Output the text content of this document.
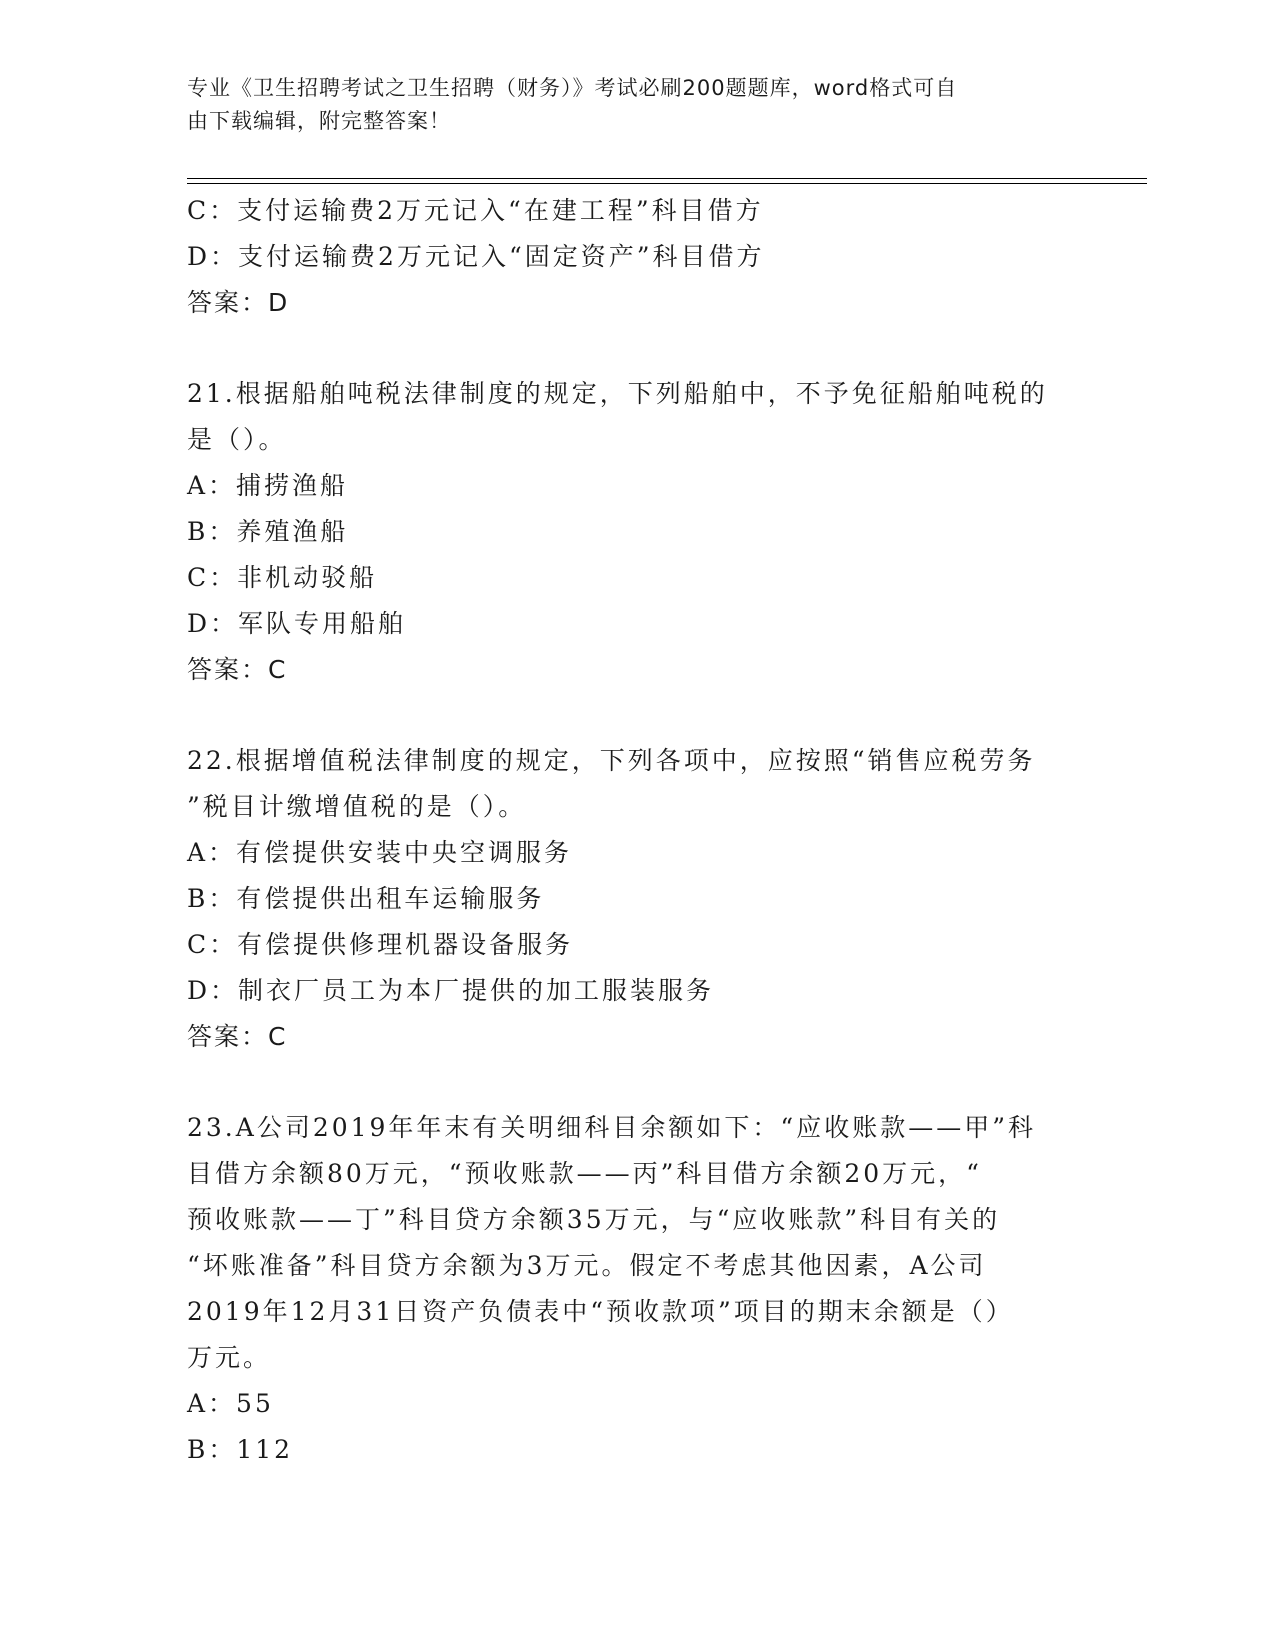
专业《卫生招聘考试之卫生招聘（财务）》考试必刷200题题库，word格式可自
由下载编辑，附完整答案！
C：支付运输费2万元记入“在建工程”科目借方
D：支付运输费2万元记入“固定资产”科目借方
答案：D
21.根据船舶吨税法律制度的规定，下列船舶中，不予免征船舶吨税的
是（）。
A：捕捞渔船
B：养殖渔船
C：非机动驳船
D：军队专用船舶
答案：C
22.根据增值税法律制度的规定，下列各项中，应按照“销售应税劳务
”税目计缴增值税的是（）。
A：有偿提供安装中央空调服务
B：有偿提供出租车运输服务
C：有偿提供修理机器设备服务
D：制衣厂员工为本厂提供的加工服装服务
答案：C
23.A公司2019年年末有关明细科目余额如下：“应收账款——甲”科
目借方余额80万元，“预收账款——丙”科目借方余额20万元，“
预收账款——丁”科目贷方余额35万元，与“应收账款”科目有关的
“坏账准备”科目贷方余额为3万元。假定不考虑其他因素，A公司
2019年12月31日资产负债表中“预收款项”项目的期末余额是（）
万元。
A：55
B：112
